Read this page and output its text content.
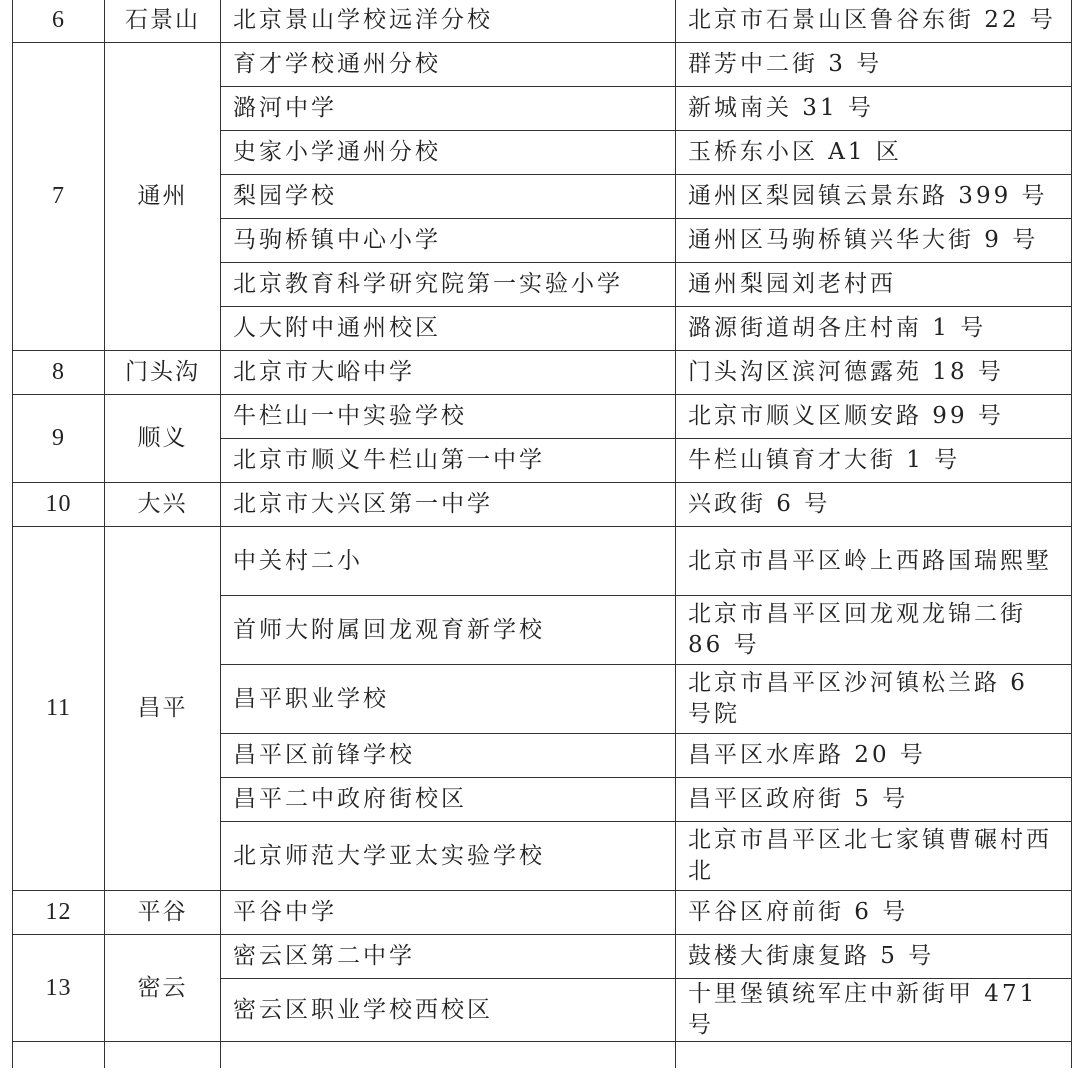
6	石景山	北京景山学校远洋分校	北京市石景山区鲁谷东街 22 号
7	通州	育才学校通州分校	群芳中二街 3 号
		潞河中学	新城南关 31 号
		史家小学通州分校	玉桥东小区 A1 区
		梨园学校	通州区梨园镇云景东路 399 号
		马驹桥镇中心小学	通州区马驹桥镇兴华大街 9 号
		北京教育科学研究院第一实验小学	通州梨园刘老村西
		人大附中通州校区	潞源街道胡各庄村南 1 号
8	门头沟	北京市大峪中学	门头沟区滨河德露苑 18 号
9	顺义	牛栏山一中实验学校	北京市顺义区顺安路 99 号
		北京市顺义牛栏山第一中学	牛栏山镇育才大街 1 号
10	大兴	北京市大兴区第一中学	兴政街 6 号
11	昌平	中关村二小	北京市昌平区岭上西路国瑞熙墅
		首师大附属回龙观育新学校	北京市昌平区回龙观龙锦二街 86 号
		昌平职业学校	北京市昌平区沙河镇松兰路 6 号院
		昌平区前锋学校	昌平区水库路 20 号
		昌平二中政府街校区	昌平区政府街 5 号
		北京师范大学亚太实验学校	北京市昌平区北七家镇曹碾村西北
12	平谷	平谷中学	平谷区府前街 6 号
13	密云	密云区第二中学	鼓楼大街康复路 5 号
		密云区职业学校西校区	十里堡镇统军庄中新街甲 471 号
